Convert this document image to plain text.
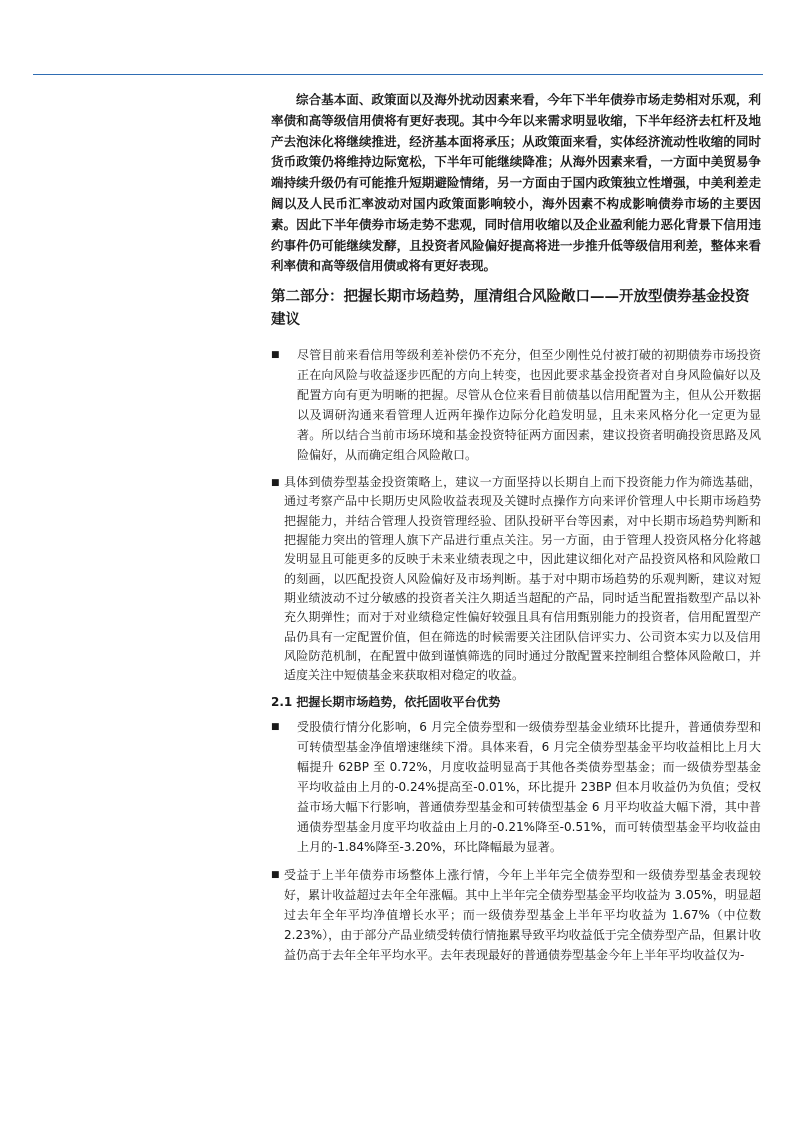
综合基本面、政策面以及海外扰动因素来看，今年下半年债券市场走势相对乐观，利率债和高等级信用债将有更好表现。其中今年以来需求明显收缩，下半年经济去杠杆及地产去泡沫化将继续推进，经济基本面将承压；从政策面来看，实体经济流动性收缩的同时货币政策仍将维持边际宽松，下半年可能继续降准；从海外因素来看，一方面中美贸易争端持续升级仍有可能推升短期避险情绪，另一方面由于国内政策独立性增强，中美利差走阔以及人民币汇率波动对国内政策面影响较小，海外因素不构成影响债券市场的主要因素。因此下半年债券市场走势不悲观，同时信用收缩以及企业盈利能力恶化背景下信用违约事件仍可能继续发酵，且投资者风险偏好提高将进一步推升低等级信用利差，整体来看利率债和高等级信用债或将有更好表现。

第二部分：把握长期市场趋势，厘清组合风险敞口——开放型债券基金投资建议
■	尽管目前来看信用等级利差补偿仍不充分，但至少刚性兑付被打破的初期债券市场投资正在向风险与收益逐步匹配的方向上转变，也因此要求基金投资者对自身风险偏好以及配置方向有更为明晰的把握。尽管从仓位来看目前债基以信用配置为主，但从公开数据以及调研沟通来看管理人近两年操作边际分化趋发明显，且未来风格分化一定更为显著。所以结合当前市场环境和基金投资特征两方面因素，建议投资者明确投资思路及风险偏好，从而确定组合风险敞口。
■ 具体到债券型基金投资策略上，建议一方面坚持以长期自上而下投资能力作为筛选基础，通过考察产品中长期历史风险收益表现及关键时点操作方向来评价管理人中长期市场趋势把握能力，并结合管理人投资管理经验、团队投研平台等因素，对中长期市场趋势判断和把握能力突出的管理人旗下产品进行重点关注。另一方面，由于管理人投资风格分化将越发明显且可能更多的反映于未来业绩表现之中，因此建议细化对产品投资风格和风险敞口的刻画，以匹配投资人风险偏好及市场判断。基于对中期市场趋势的乐观判断，建议对短期业绩波动不过分敏感的投资者关注久期适当超配的产品，同时适当配置指数型产品以补充久期弹性；而对于对业绩稳定性偏好较强且具有信用甄别能力的投资者，信用配置型产品仍具有一定配置价值，但在筛选的时候需要关注团队信评实力、公司资本实力以及信用风险防范机制，在配置中做到谨慎筛选的同时通过分散配置来控制组合整体风险敞口，并适度关注中短债基金来获取相对稳定的收益。
2.1 把握长期市场趋势，依托固收平台优势
■	受股债行情分化影响，6 月完全债券型和一级债券型基金业绩环比提升，普通债券型和可转债型基金净值增速继续下滑。具体来看，6 月完全债券型基金平均收益相比上月大幅提升 62BP 至 0.72%，月度收益明显高于其他各类债券型基金；而一级债券型基金平均收益由上月的-0.24%提高至-0.01%，环比提升 23BP 但本月收益仍为负值；受权益市场大幅下行影响，普通债券型基金和可转债型基金 6 月平均收益大幅下滑，其中普通债券型基金月度平均收益由上月的-0.21%降至-0.51%，而可转债型基金平均收益由上月的-1.84%降至-3.20%，环比降幅最为显著。
■ 受益于上半年债券市场整体上涨行情，今年上半年完全债券型和一级债券型基金表现较好，累计收益超过去年全年涨幅。其中上半年完全债券型基金平均收益为 3.05%，明显超过去年全年平均净值增长水平；而一级债券型基金上半年平均收益为 1.67%（中位数 2.23%），由于部分产品业绩受转债行情拖累导致平均收益低于完全债券型产品，但累计收益仍高于去年全年平均水平。去年表现最好的普通债券型基金今年上半年平均收益仅为-
